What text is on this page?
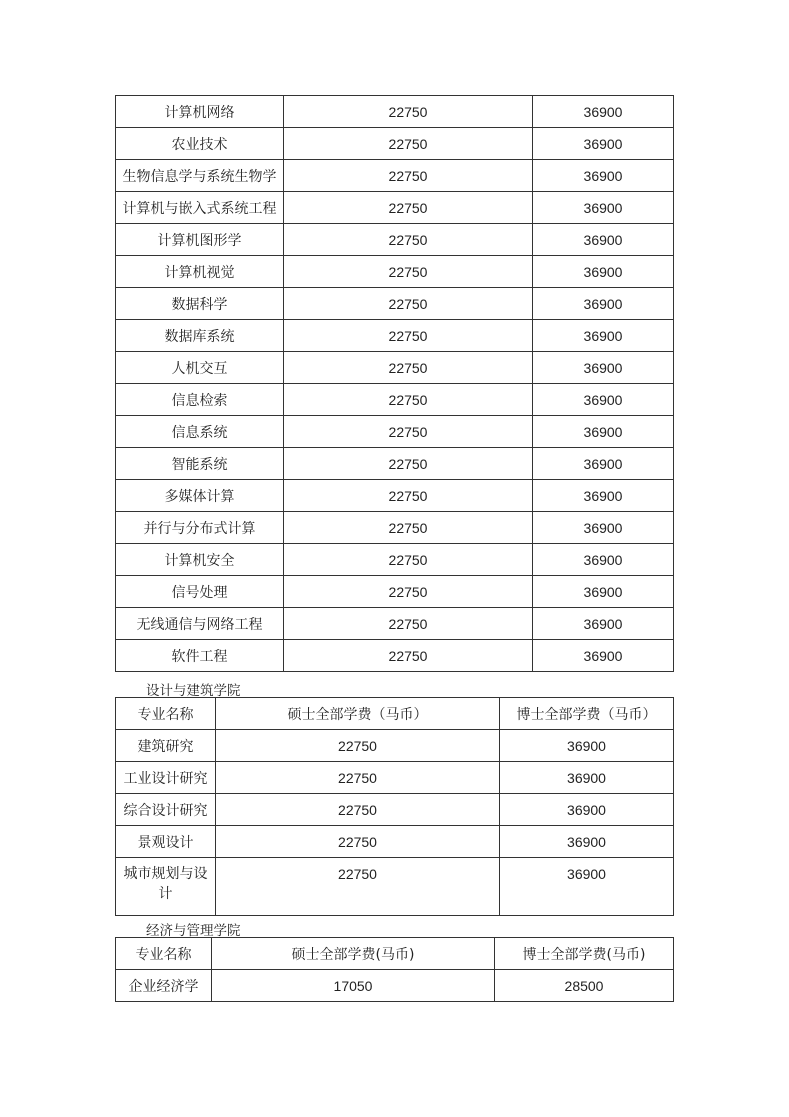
计算机网络	22750	36900
农业技术	22750	36900
生物信息学与系统生物学	22750	36900
计算机与嵌入式系统工程	22750	36900
计算机图形学	22750	36900
计算机视觉	22750	36900
数据科学	22750	36900
数据库系统	22750	36900
人机交互	22750	36900
信息检索	22750	36900
信息系统	22750	36900
智能系统	22750	36900
多媒体计算	22750	36900
并行与分布式计算	22750	36900
计算机安全	22750	36900
信号处理	22750	36900
无线通信与网络工程	22750	36900
软件工程	22750	36900
设计与建筑学院
专业名称	硕士全部学费（马币）	博士全部学费（马币）
建筑研究	22750	36900
工业设计研究	22750	36900
综合设计研究	22750	36900
景观设计	22750	36900
城市规划与设计	22750	36900
经济与管理学院
专业名称	硕士全部学费(马币)	博士全部学费(马币)
企业经济学	17050	28500
